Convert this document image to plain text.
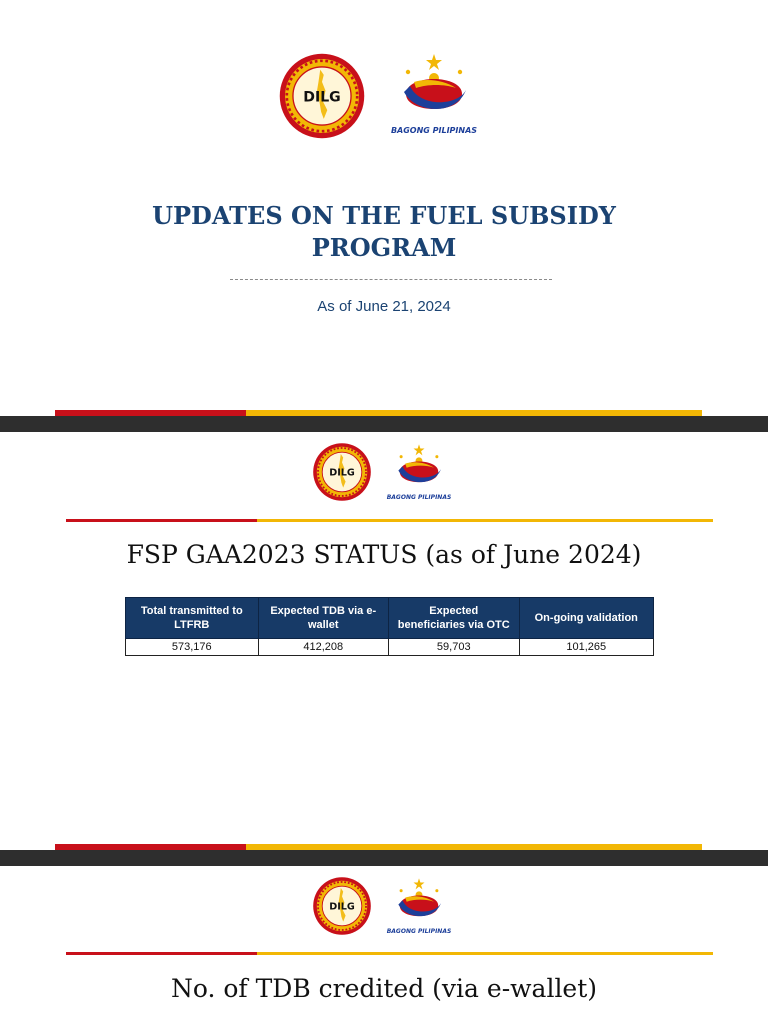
DILG
BAGONG PILIPINAS
UPDATES ON THE FUEL SUBSIDY
PROGRAM
As of June 21, 2024
DILG
BAGONG PILIPINAS
FSP GAA2023 STATUS (as of June 2024)
Total transmitted to LTFRB	Expected TDB via e-wallet	Expected beneficiaries via OTC	On-going validation
573,176	412,208	59,703	101,265
DILG
BAGONG PILIPINAS
No. of TDB credited (via e-wallet)
